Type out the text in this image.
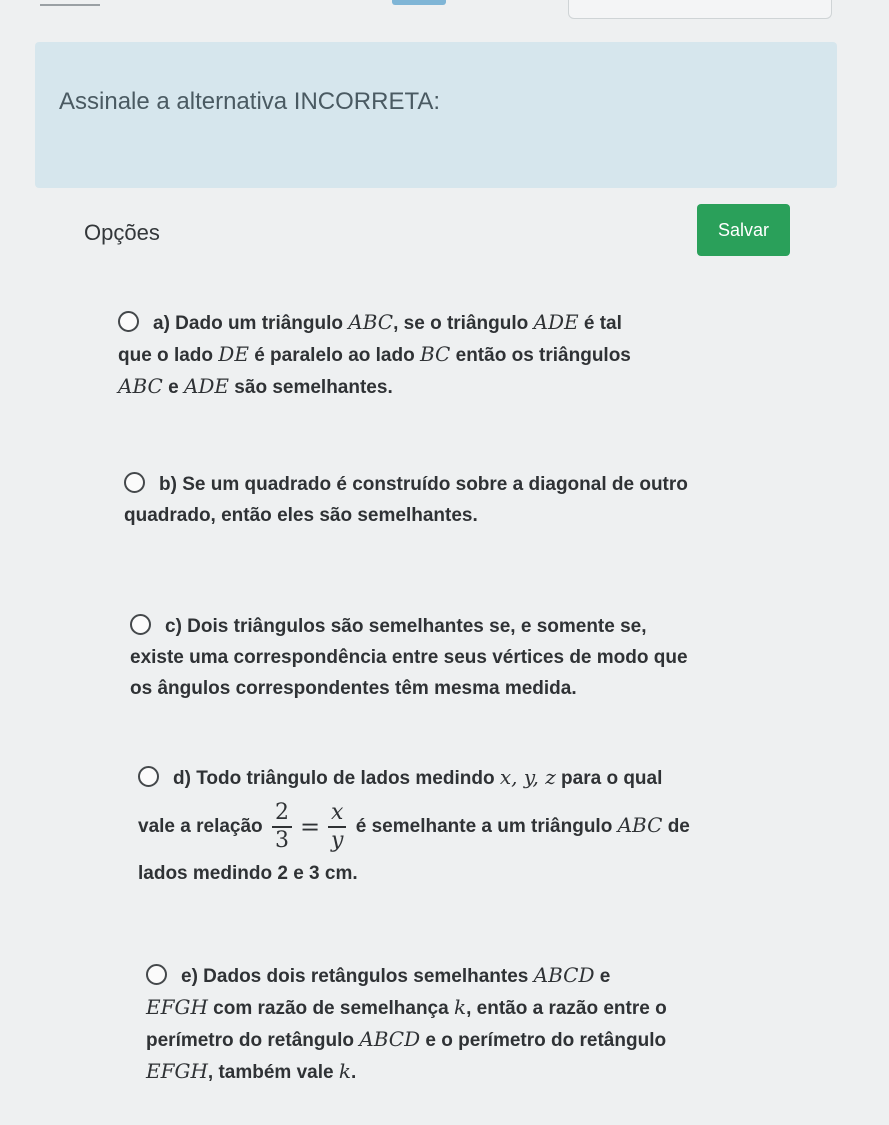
Assinale a alternativa INCORRETA:
Opções	Salvar
a) Dado um triângulo ABC, se o triângulo ADE é tal
que o lado DE é paralelo ao lado BC então os triângulos
ABC e ADE são semelhantes.
b) Se um quadrado é construído sobre a diagonal de outro
quadrado, então eles são semelhantes.
c) Dois triângulos são semelhantes se, e somente se,
existe uma correspondência entre seus vértices de modo que
os ângulos correspondentes têm mesma medida.
d) Todo triângulo de lados medindo x, y, z para o qual
vale a relação $\frac{2}{3} = \frac{x}{y}$ é semelhante a um triângulo ABC de
lados medindo 2 e 3 cm.
e) Dados dois retângulos semelhantes ABCD e
EFGH com razão de semelhança k, então a razão entre o
perímetro do retângulo ABCD e o perímetro do retângulo
EFGH, também vale k.
